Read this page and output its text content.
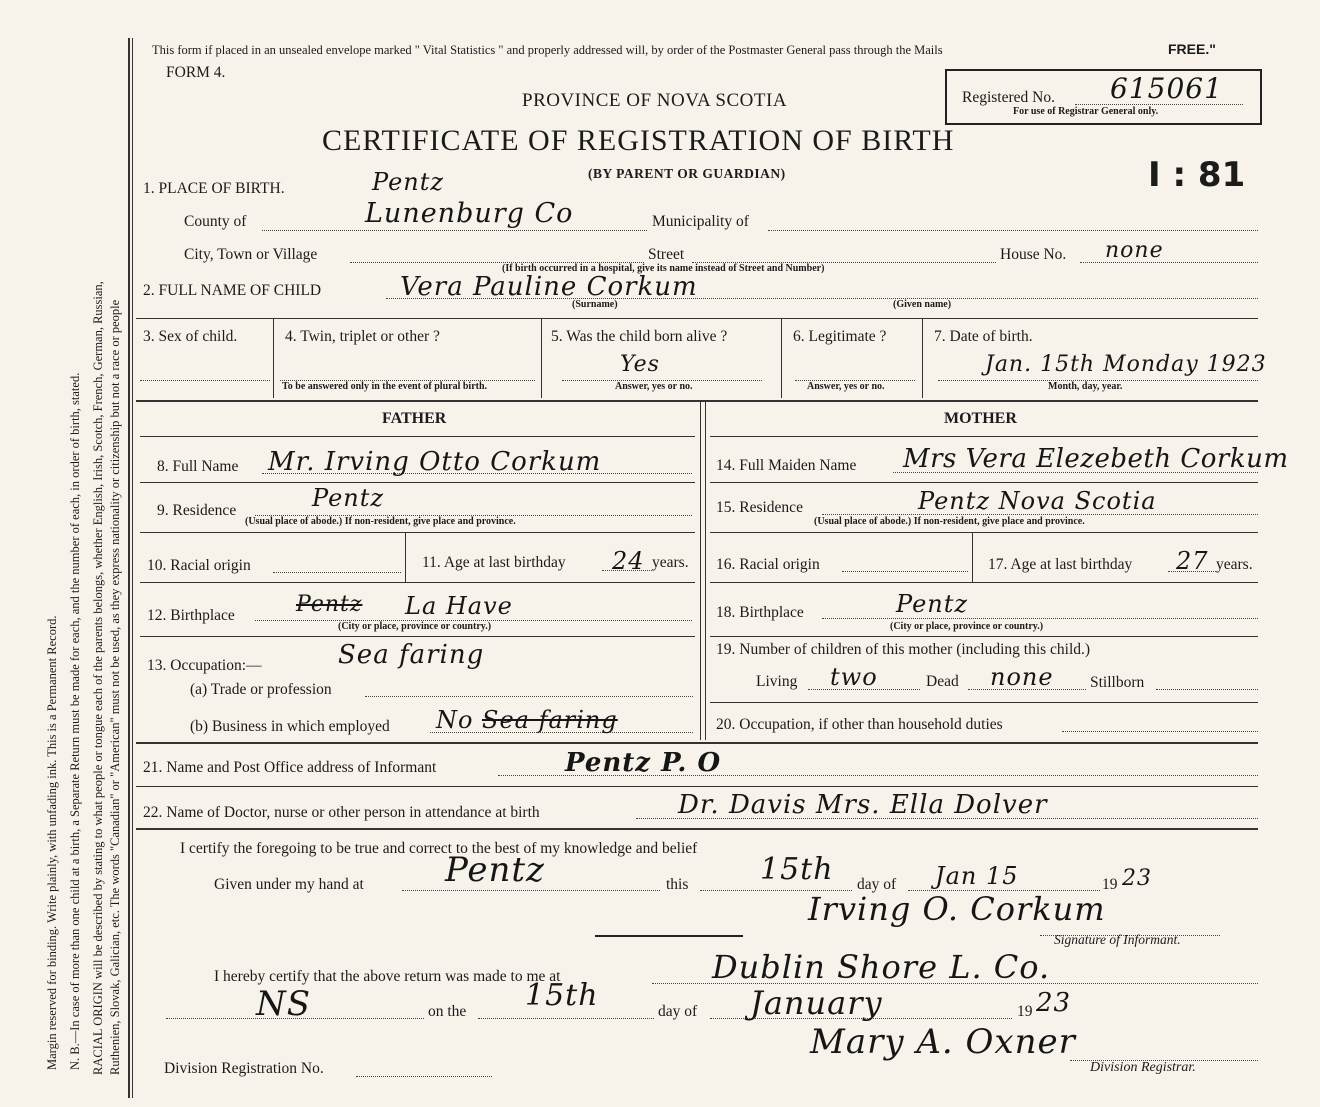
Margin reserved for binding. Write plainly, with unfading ink. This is a Permanent Record. N. B.—In case of more than one child at a birth, a Separate Return must be made for each, and the number of each, in order of birth, stated. RACIAL ORIGIN will be described by stating to what people or tongue each of the parents belongs, whether English, Irish, Scotch, French, German, Russian, Ruthenien, Slovak, Galician, etc. The words "Canadian" or "American" must not be used, as they express nationality or citizenship but not a race or people
This form if placed in an unsealed envelope marked " Vital Statistics " and properly addressed will, by order of the Postmaster General pass through the Mails	FREE."
FORM 4.
PROVINCE OF NOVA SCOTIA
CERTIFICATE OF REGISTRATION OF BIRTH
(BY PARENT OR GUARDIAN)
Registered No. 615061
For use of Registrar General only.
I : 81
1. PLACE OF BIRTH.	Pentz
County of	Lunenburg Co	Municipality of
City, Town or Village	Street
(If birth occurred in a hospital, give its name instead of Street and Number)
House No. none
2. FULL NAME OF CHILD	Vera Pauline Corkum
(Surname)	(Given name)
3. Sex of child.	4. Twin, triplet or other ?
To be answered only in the event of plural birth.
5. Was the child born alive ?
Yes
Answer, yes or no.
6. Legitimate ?
Answer, yes or no.
7. Date of birth.
Jan. 15th Monday 1923
Month, day, year.
FATHER	MOTHER
8. Full Name Mr. Irving Otto Corkum
9. Residence	Pentz
(Usual place of abode.) If non-resident, give place and province.
10. Racial origin	11. Age at last birthday 24 years.
12. Birthplace	Pentz La Have
(City or place, province or country.)
13. Occupation:—	Sea faring
(a) Trade or profession
(b) Business in which employed No Sea faring
14. Full Maiden Name Mrs Vera Elezebeth Corkum
15. Residence	Pentz Nova Scotia
(Usual place of abode.) If non-resident, give place and province.
16. Racial origin	17. Age at last birthday 27 years.
18. Birthplace	Pentz
(City or place, province or country.)
19. Number of children of this mother (including this child.)
Living two	Dead none Stillborn
20. Occupation, if other than household duties
21. Name and Post Office address of Informant	Pentz P. O
22. Name of Doctor, nurse or other person in attendance at birth	Dr. Davis Mrs. Ella Dolver
I certify the foregoing to be true and correct to the best of my knowledge and belief
Given under my hand at Pentz	this 15th day of Jan 15	19 23
Irving O. Corkum
Signature of Informant.
I hereby certify that the above return was made to me at	Dublin Shore L. Co.
NS	on the 15th	day of January	19 23
Mary A. Oxner
Division Registration No.	Division Registrar.
